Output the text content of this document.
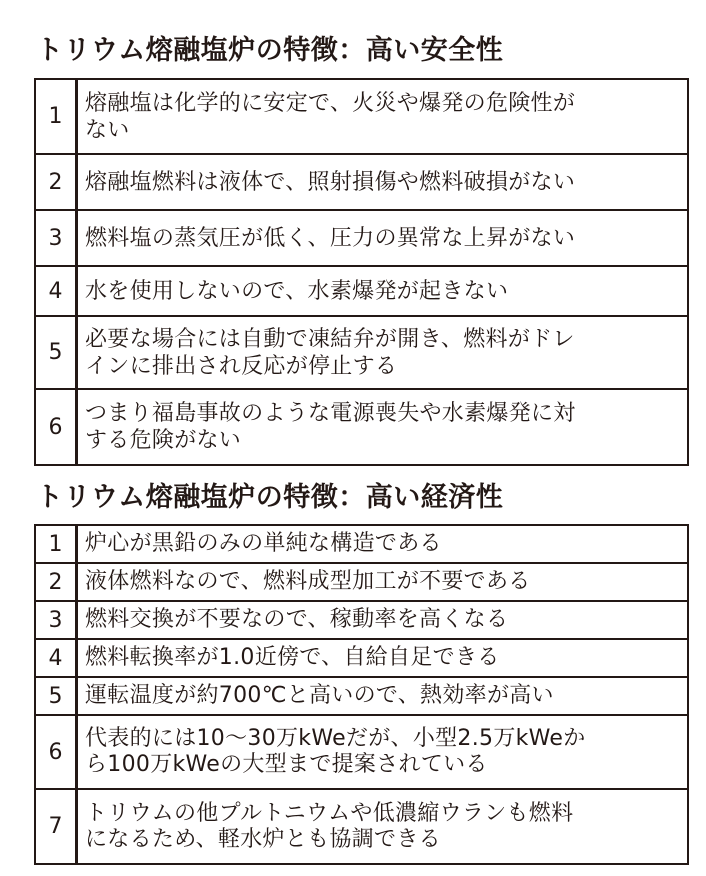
トリウム熔融塩炉の特徴：高い安全性
1	熔融塩は化学的に安定で、火災や爆発の危険性が
ない
2	熔融塩燃料は液体で、照射損傷や燃料破損がない
3	燃料塩の蒸気圧が低く、圧力の異常な上昇がない
4	水を使用しないので、水素爆発が起きない
5	必要な場合には自動で凍結弁が開き、燃料がドレ
インに排出され反応が停止する
6	つまり福島事故のような電源喪失や水素爆発に対
する危険がない
トリウム熔融塩炉の特徴：高い経済性
1	炉心が黒鉛のみの単純な構造である
2	液体燃料なので、燃料成型加工が不要である
3	燃料交換が不要なので、稼動率を高くなる
4	燃料転換率が1.0近傍で、自給自足できる
5	運転温度が約700℃と高いので、熱効率が高い
6	代表的には10〜30万kWeだが、小型2.5万kWeか
ら100万kWeの大型まで提案されている
7	トリウムの他プルトニウムや低濃縮ウランも燃料
になるため、軽水炉とも協調できる
